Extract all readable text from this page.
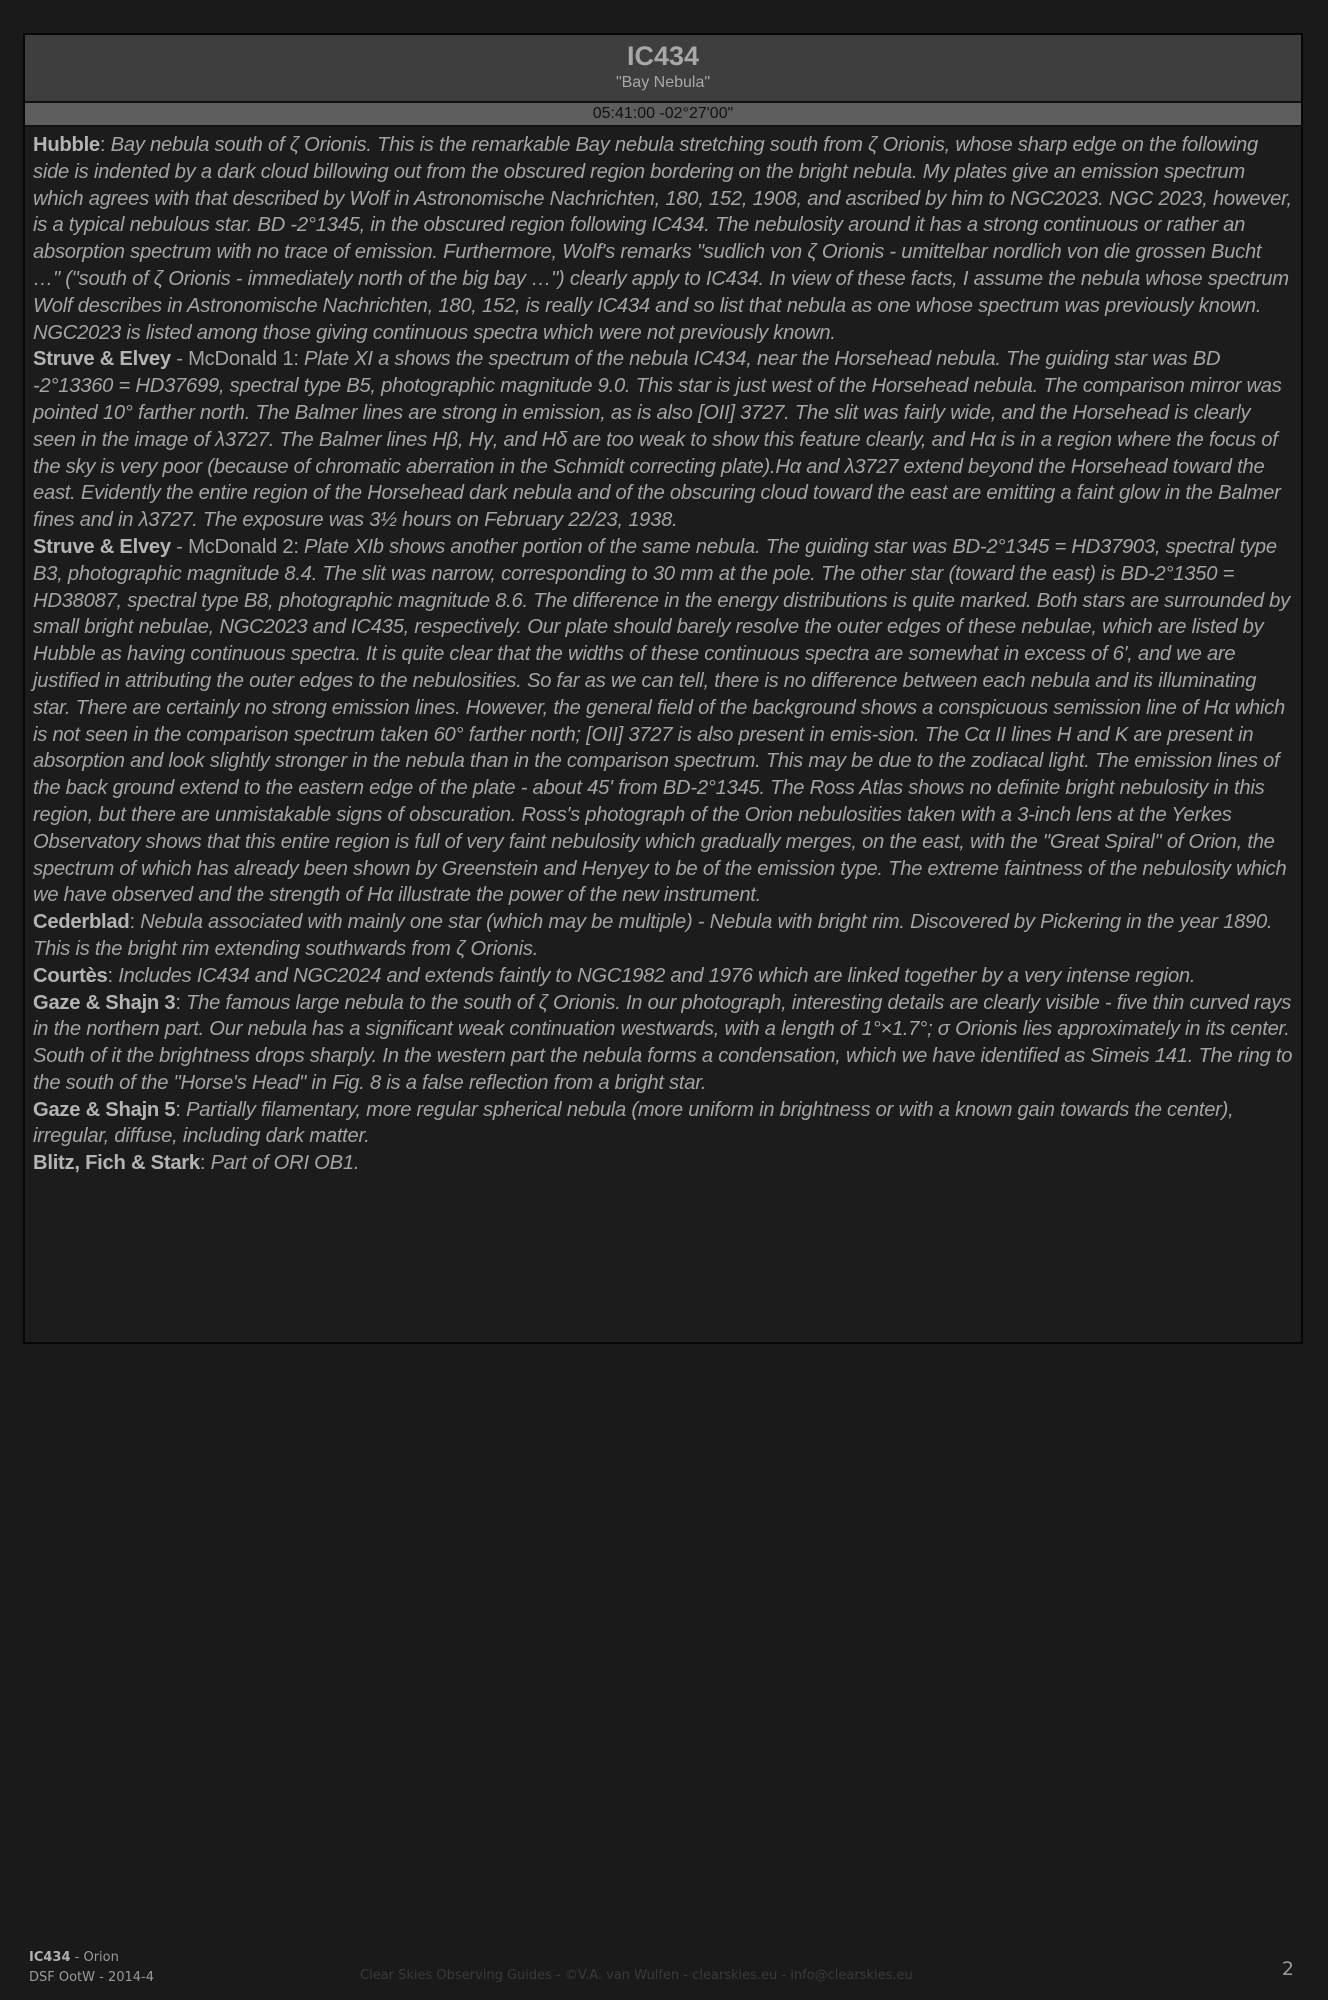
IC434
"Bay Nebula"
05:41:00 -02°27'00"
Hubble: Bay nebula south of ζ Orionis. This is the remarkable Bay nebula stretching south from ζ Orionis, whose sharp edge on the following side is indented by a dark cloud billowing out from the obscured region bordering on the bright nebula. My plates give an emission spectrum which agrees with that described by Wolf in Astronomische Nachrichten, 180, 152, 1908, and ascribed by him to NGC2023. NGC 2023, however, is a typical nebulous star. BD -2°1345, in the obscured region following IC434. The nebulosity around it has a strong continuous or rather an absorption spectrum with no trace of emission. Furthermore, Wolf's remarks "sudlich von ζ Orionis - umittelbar nordlich von die grossen Bucht …" ("south of ζ Orionis - immediately north of the big bay …") clearly apply to IC434. In view of these facts, I assume the nebula whose spectrum Wolf describes in Astronomische Nachrichten, 180, 152, is really IC434 and so list that nebula as one whose spectrum was previously known. NGC2023 is listed among those giving continuous spectra which were not previously known.
Struve & Elvey - McDonald 1: Plate XI a shows the spectrum of the nebula IC434, near the Horsehead nebula. The guiding star was BD -2°13360 = HD37699, spectral type B5, photographic magnitude 9.0. This star is just west of the Horsehead nebula. The comparison mirror was pointed 10° farther north. The Balmer lines are strong in emission, as is also [OII] 3727. The slit was fairly wide, and the Horsehead is clearly seen in the image of λ3727. The Balmer lines Hβ, Hγ, and Hδ are too weak to show this feature clearly, and Hα is in a region where the focus of the sky is very poor (because of chromatic aberration in the Schmidt correcting plate).Hα and λ3727 extend beyond the Horsehead toward the east. Evidently the entire region of the Horsehead dark nebula and of the obscuring cloud toward the east are emitting a faint glow in the Balmer fines and in λ3727. The exposure was 3½ hours on February 22/23, 1938.
Struve & Elvey - McDonald 2: Plate XIb shows another portion of the same nebula. The guiding star was BD-2°1345 = HD37903, spectral type B3, photographic magnitude 8.4. The slit was narrow, corresponding to 30 mm at the pole. The other star (toward the east) is BD-2°1350 = HD38087, spectral type B8, photographic magnitude 8.6. The difference in the energy distributions is quite marked. Both stars are surrounded by small bright nebulae, NGC2023 and IC435, respectively. Our plate should barely resolve the outer edges of these nebulae, which are listed by Hubble as having continuous spectra. It is quite clear that the widths of these continuous spectra are somewhat in excess of 6', and we are justified in attributing the outer edges to the nebulosities. So far as we can tell, there is no difference between each nebula and its illuminating star. There are certainly no strong emission lines. However, the general field of the background shows a conspicuous semission line of Hα which is not seen in the comparison spectrum taken 60° farther north; [OII] 3727 is also present in emis-sion. The Cα II lines H and K are present in absorption and look slightly stronger in the nebula than in the comparison spectrum. This may be due to the zodiacal light. The emission lines of the back ground extend to the eastern edge of the plate - about 45' from BD-2°1345. The Ross Atlas shows no definite bright nebulosity in this region, but there are unmistakable signs of obscuration. Ross's photograph of the Orion nebulosities taken with a 3-inch lens at the Yerkes Observatory shows that this entire region is full of very faint nebulosity which gradually merges, on the east, with the "Great Spiral" of Orion, the spectrum of which has already been shown by Greenstein and Henyey to be of the emission type. The extreme faintness of the nebulosity which we have observed and the strength of Hα illustrate the power of the new instrument.
Cederblad: Nebula associated with mainly one star (which may be multiple) - Nebula with bright rim. Discovered by Pickering in the year 1890. This is the bright rim extending southwards from ζ Orionis.
Courtès: Includes IC434 and NGC2024 and extends faintly to NGC1982 and 1976 which are linked together by a very intense region.
Gaze & Shajn 3: The famous large nebula to the south of ζ Orionis. In our photograph, interesting details are clearly visible - five thin curved rays in the northern part. Our nebula has a significant weak continuation westwards, with a length of 1°×1.7°; σ Orionis lies approximately in its center. South of it the brightness drops sharply. In the western part the nebula forms a condensation, which we have identified as Simeis 141. The ring to the south of the "Horse's Head" in Fig. 8 is a false reflection from a bright star.
Gaze & Shajn 5: Partially filamentary, more regular spherical nebula (more uniform in brightness or with a known gain towards the center), irregular, diffuse, including dark matter.
Blitz, Fich & Stark: Part of ORI OB1.
IC434 - Orion
DSF OotW - 2014-4	Clear Skies Observing Guides - ©V.A. van Wulfen - clearskies.eu - info@clearskies.eu	2
